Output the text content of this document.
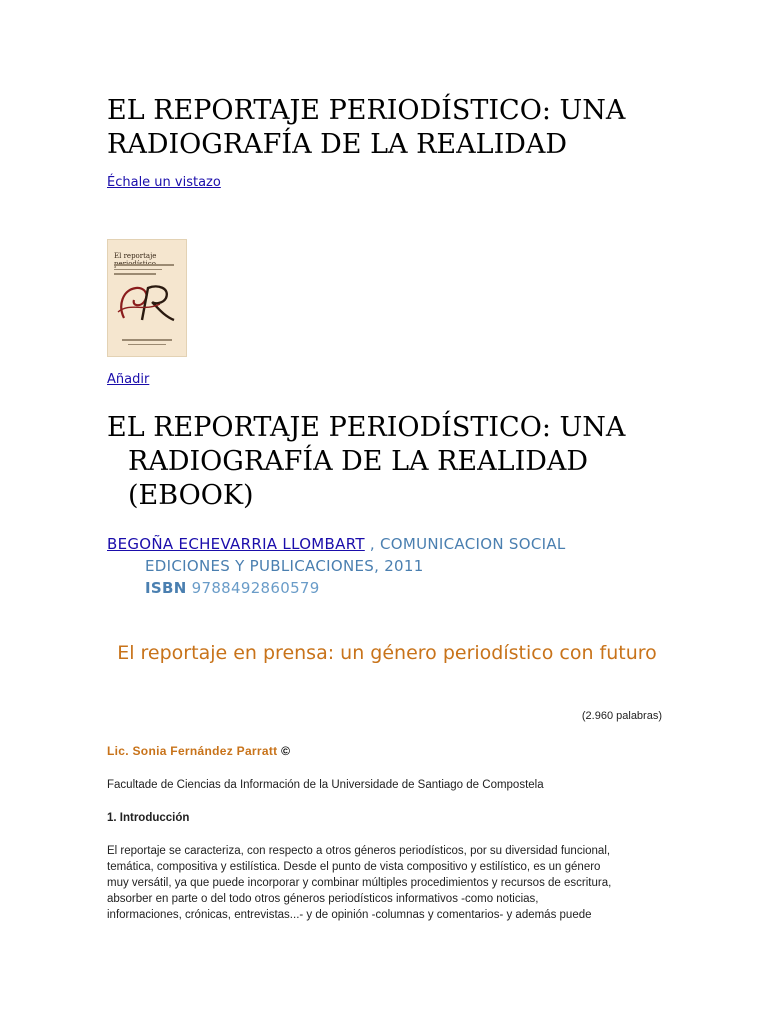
EL REPORTAJE PERIODÍSTICO: UNA RADIOGRAFÍA DE LA REALIDAD
Échale un vistazo
El reportaje
Añadir
EL REPORTAJE PERIODÍSTICO: UNA
RADIOGRAFÍA DE LA REALIDAD
(EBOOK)
BEGOÑA ECHEVARRIA LLOMBART , COMUNICACION SOCIAL
EDICIONES Y PUBLICACIONES, 2011
ISBN 9788492860579
El reportaje en prensa: un género periodístico con futuro
(2.960 palabras)
Lic. Sonia Fernández Parratt ©
Facultade de Ciencias da Información de la Universidade de Santiago de Compostela
1. Introducción
El reportaje se caracteriza, con respecto a otros géneros periodísticos, por su diversidad funcional,
temática, compositiva y estilística. Desde el punto de vista compositivo y estilístico, es un género
muy versátil, ya que puede incorporar y combinar múltiples procedimientos y recursos de escritura,
absorber en parte o del todo otros géneros periodísticos informativos -como noticias,
informaciones, crónicas, entrevistas...- y de opinión -columnas y comentarios- y además puede
